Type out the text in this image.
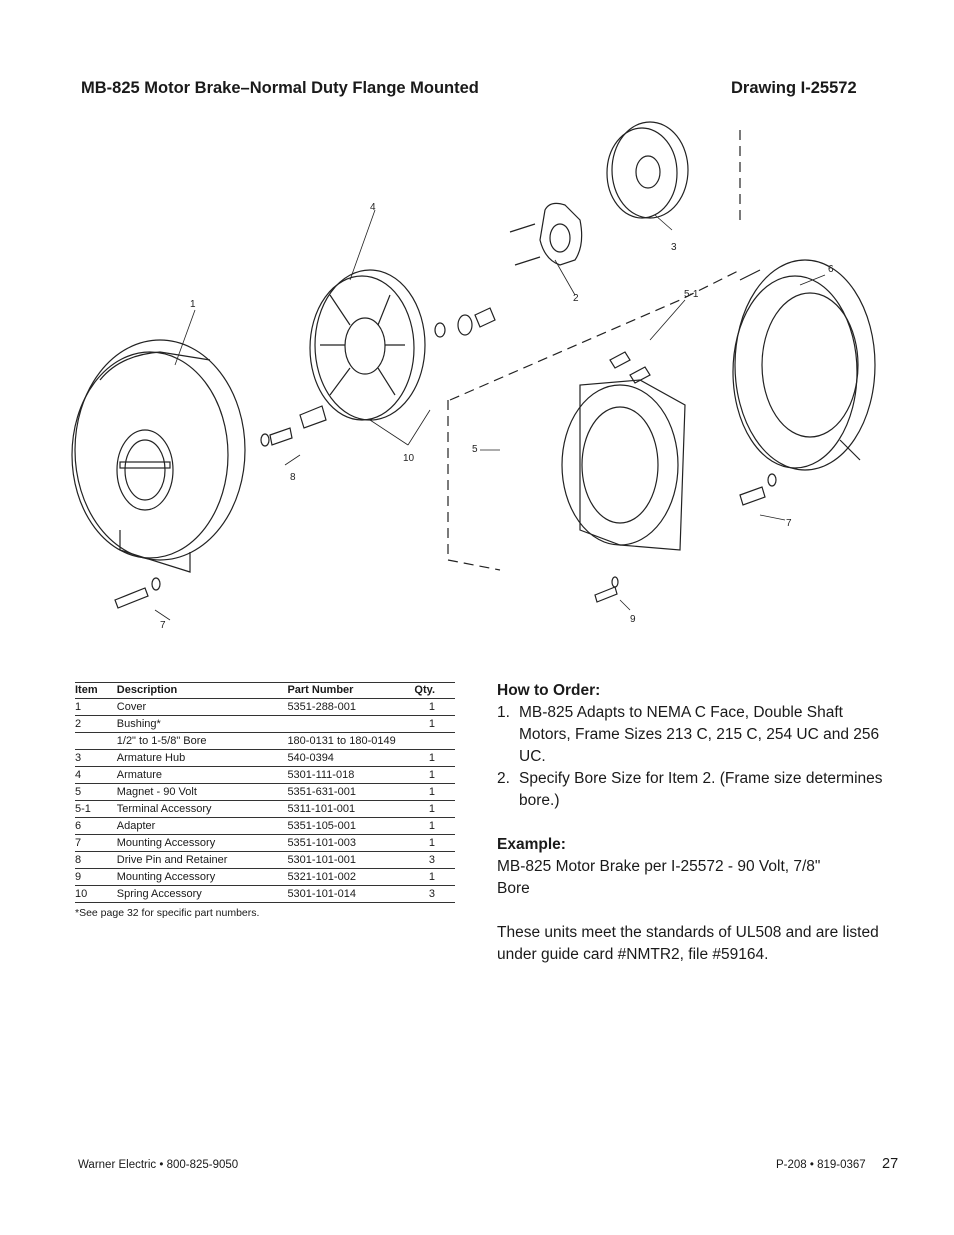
MB-825 Motor Brake–Normal Duty Flange Mounted	Drawing I-25572
1
2
3
4
5
5-1
6
7
7
8
9
10
Item	Description	Part Number	Qty.
1	Cover	5351-288-001	1
2	Bushing*		1
	1/2" to 1-5/8" Bore	180-0131 to 180-0149	
3	Armature Hub	540-0394	1
4	Armature	5301-111-018	1
5	Magnet - 90 Volt	5351-631-001	1
5-1	Terminal Accessory	5311-101-001	1
6	Adapter	5351-105-001	1
7	Mounting Accessory	5351-101-003	1
8	Drive Pin and Retainer	5301-101-001	3
9	Mounting Accessory	5321-101-002	1
10	Spring Accessory	5301-101-014	3
*See page 32 for specific part numbers.
How to Order:
1. MB-825 Adapts to NEMA C Face, Double Shaft Motors, Frame Sizes 213 C, 215 C, 254 UC and 256 UC.
2. Specify Bore Size for Item 2. (Frame size determines bore.)
Example:

MB-825 Motor Brake per I-25572 - 90 Volt, 7/8" Bore

These units meet the standards of UL508 and are listed under guide card #NMTR2, file #59164.

Warner Electric • 800-825-9050	P-208 • 819-0367 27
